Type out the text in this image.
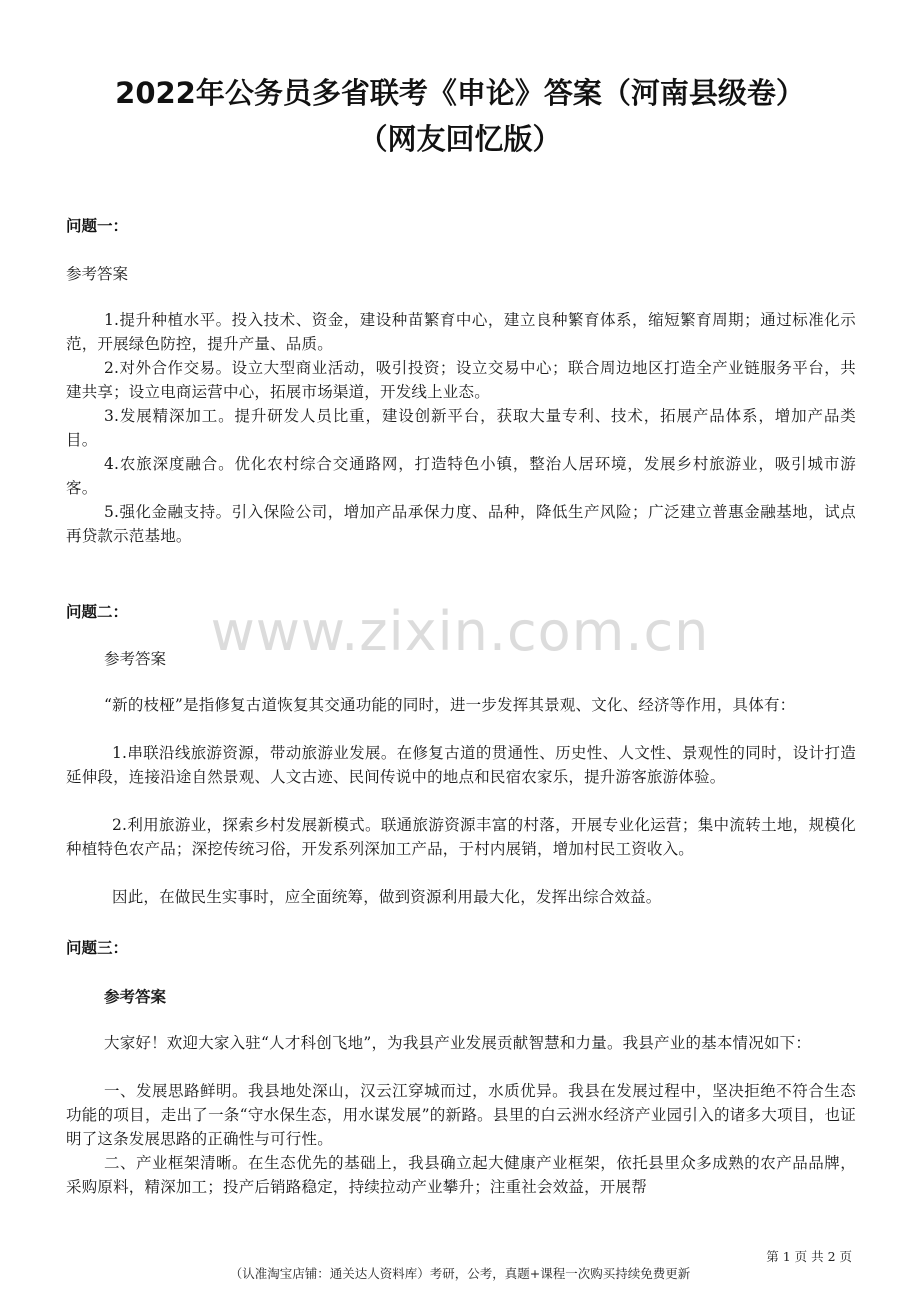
2022年公务员多省联考《申论》答案（河南县级卷）
（网友回忆版）
问题一：
参考答案

1.提升种植水平。投入技术、资金，建设种苗繁育中心，建立良种繁育体系，缩短繁育周期；通过标准化示范，开展绿色防控，提升产量、品质。

2.对外合作交易。设立大型商业活动，吸引投资；设立交易中心；联合周边地区打造全产业链服务平台，共建共享；设立电商运营中心，拓展市场渠道，开发线上业态。

3.发展精深加工。提升研发人员比重，建设创新平台，获取大量专利、技术，拓展产品体系，增加产品类目。

4.农旅深度融合。优化农村综合交通路网，打造特色小镇，整治人居环境，发展乡村旅游业，吸引城市游客。

5.强化金融支持。引入保险公司，增加产品承保力度、品种，降低生产风险；广泛建立普惠金融基地，试点再贷款示范基地。

问题二：	www.zixin.com.cn
参考答案

“新的枝桠”是指修复古道恢复其交通功能的同时，进一步发挥其景观、文化、经济等作用，具体有：

1.串联沿线旅游资源，带动旅游业发展。在修复古道的贯通性、历史性、人文性、景观性的同时，设计打造延伸段，连接沿途自然景观、人文古迹、民间传说中的地点和民宿农家乐，提升游客旅游体验。

2.利用旅游业，探索乡村发展新模式。联通旅游资源丰富的村落，开展专业化运营；集中流转土地，规模化种植特色农产品；深挖传统习俗，开发系列深加工产品，于村内展销，增加村民工资收入。

因此，在做民生实事时，应全面统筹，做到资源利用最大化，发挥出综合效益。

问题三：
参考答案

大家好！欢迎大家入驻“人才科创飞地”，为我县产业发展贡献智慧和力量。我县产业的基本情况如下：

一、发展思路鲜明。我县地处深山，汉云江穿城而过，水质优异。我县在发展过程中，坚决拒绝不符合生态功能的项目，走出了一条“守水保生态，用水谋发展”的新路。县里的白云洲水经济产业园引入的诸多大项目，也证明了这条发展思路的正确性与可行性。

二、产业框架清晰。在生态优先的基础上，我县确立起大健康产业框架，依托县里众多成熟的农产品品牌，采购原料，精深加工；投产后销路稳定，持续拉动产业攀升；注重社会效益，开展帮

第 1 页 共 2 页
（认准淘宝店铺：通关达人资料库）考研，公考，真题+课程一次购买持续免费更新
